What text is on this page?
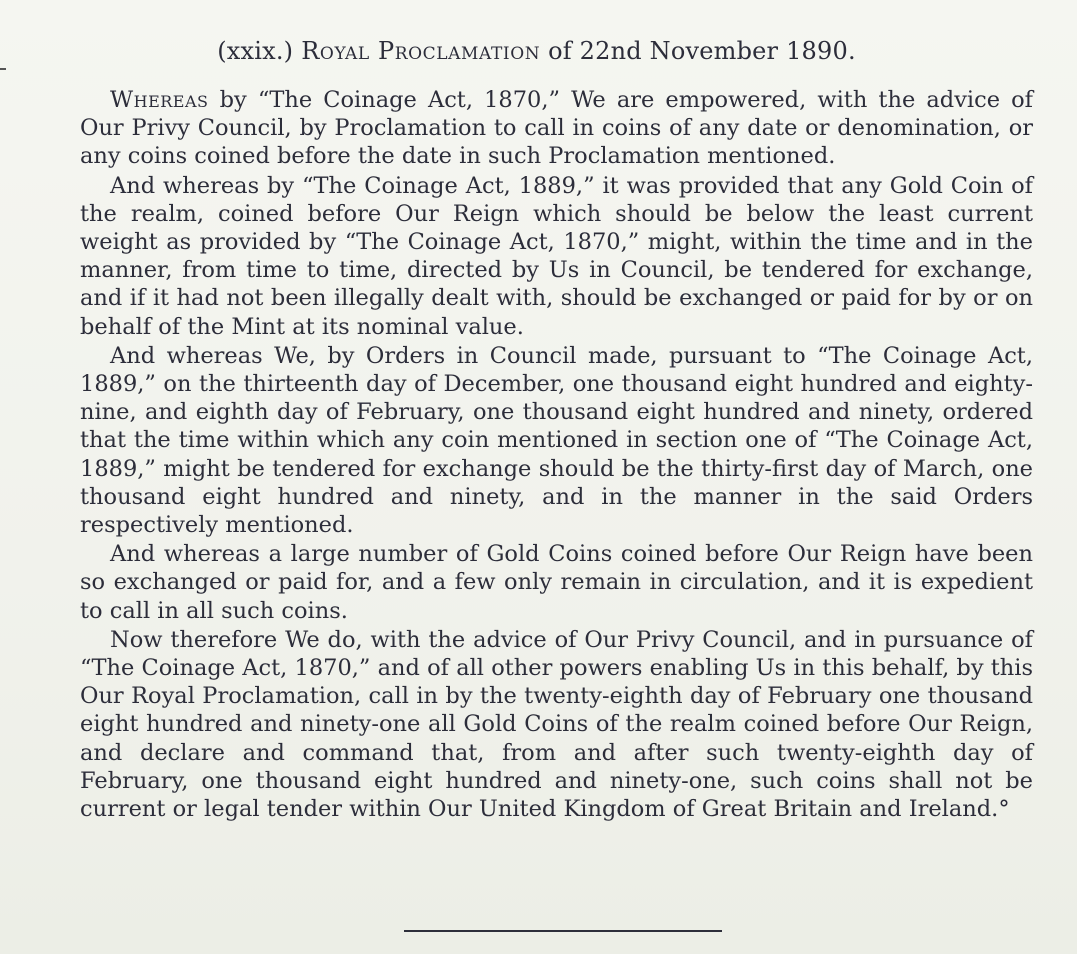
(xxix.) Royal Proclamation of 22nd November 1890.

Whereas by “The Coinage Act, 1870,” We are empowered, with the advice of Our Privy Council, by Proclamation to call in coins of any date or denomination, or any coins coined before the date in such Proclamation mentioned.

And whereas by “The Coinage Act, 1889,” it was provided that any Gold Coin of the realm, coined before Our Reign which should be below the least current weight as provided by “The Coinage Act, 1870,” might, within the time and in the manner, from time to time, directed by Us in Council, be tendered for exchange, and if it had not been illegally dealt with, should be exchanged or paid for by or on behalf of the Mint at its nominal value.

And whereas We, by Orders in Council made, pursuant to “The Coinage Act, 1889,” on the thirteenth day of December, one thousand eight hundred and eighty-nine, and eighth day of February, one thousand eight hundred and ninety, ordered that the time within which any coin mentioned in section one of “The Coinage Act, 1889,” might be tendered for exchange should be the thirty-first day of March, one thousand eight hundred and ninety, and in the manner in the said Orders respectively mentioned.

And whereas a large number of Gold Coins coined before Our Reign have been so exchanged or paid for, and a few only remain in circulation, and it is expedient to call in all such coins.

Now therefore We do, with the advice of Our Privy Council, and in pursuance of “The Coinage Act, 1870,” and of all other powers enabling Us in this behalf, by this Our Royal Proclamation, call in by the twenty-eighth day of February one thousand eight hundred and ninety-one all Gold Coins of the realm coined before Our Reign, and declare and command that, from and after such twenty-eighth day of February, one thousand eight hundred and ninety-one, such coins shall not be current or legal tender within Our United Kingdom of Great Britain and Ireland.°
